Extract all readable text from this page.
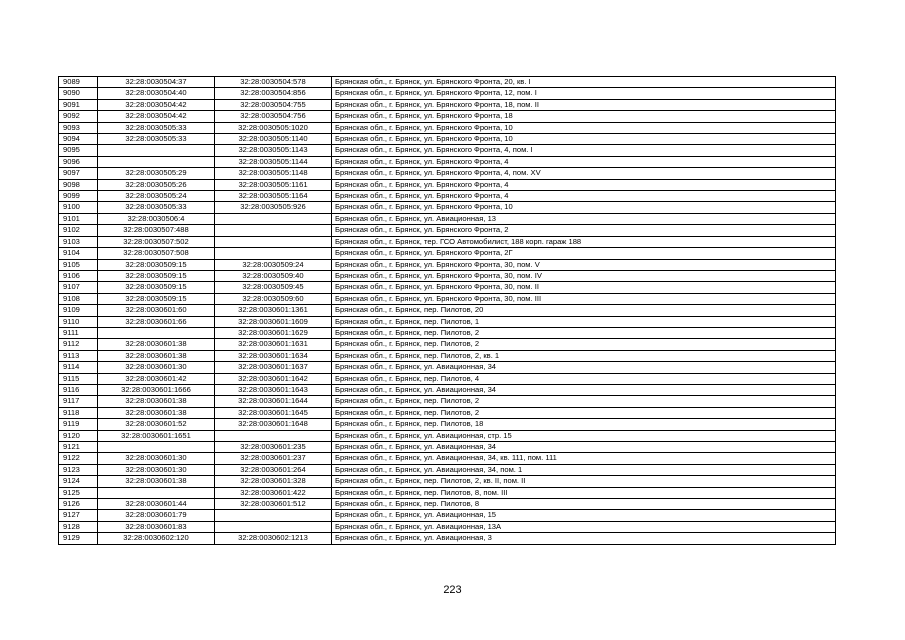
9089	32:28:0030504:37	32:28:0030504:578	Брянская обл., г. Брянск, ул. Брянского Фронта, 20, кв. I
9090	32:28:0030504:40	32:28:0030504:856	Брянская обл., г. Брянск, ул. Брянского Фронта, 12, пом. I
9091	32:28:0030504:42	32:28:0030504:755	Брянская обл., г. Брянск, ул. Брянского Фронта, 18, пом. II
9092	32:28:0030504:42	32:28:0030504:756	Брянская обл., г. Брянск, ул. Брянского Фронта, 18
9093	32:28:0030505:33	32:28:0030505:1020	Брянская обл., г. Брянск, ул. Брянского Фронта, 10
9094	32:28:0030505:33	32:28:0030505:1140	Брянская обл., г. Брянск, ул. Брянского Фронта, 10
9095		32:28:0030505:1143	Брянская обл., г. Брянск, ул. Брянского Фронта, 4, пом. I
9096		32:28:0030505:1144	Брянская обл., г. Брянск, ул. Брянского Фронта, 4
9097	32:28:0030505:29	32:28:0030505:1148	Брянская обл., г. Брянск, ул. Брянского Фронта, 4, пом. XV
9098	32:28:0030505:26	32:28:0030505:1161	Брянская обл., г. Брянск, ул. Брянского Фронта, 4
9099	32:28:0030505:24	32:28:0030505:1164	Брянская обл., г. Брянск, ул. Брянского Фронта, 4
9100	32:28:0030505:33	32:28:0030505:926	Брянская обл., г. Брянск, ул. Брянского Фронта, 10
9101	32:28:0030506:4		Брянская обл., г. Брянск, ул. Авиационная, 13
9102	32:28:0030507:488		Брянская обл., г. Брянск, ул. Брянского Фронта, 2
9103	32:28:0030507:502		Брянская обл., г. Брянск, тер. ГСО Автомобилист, 188 корп. гараж 188
9104	32:28:0030507:508		Брянская обл., г. Брянск, ул. Брянского Фронта, 2Г
9105	32:28:0030509:15	32:28:0030509:24	Брянская обл., г. Брянск, ул. Брянского Фронта, 30, пом. V
9106	32:28:0030509:15	32:28:0030509:40	Брянская обл., г. Брянск, ул. Брянского Фронта, 30, пом. IV
9107	32:28:0030509:15	32:28:0030509:45	Брянская обл., г. Брянск, ул. Брянского Фронта, 30, пом. II
9108	32:28:0030509:15	32:28:0030509:60	Брянская обл., г. Брянск, ул. Брянского Фронта, 30, пом. III
9109	32:28:0030601:60	32:28:0030601:1361	Брянская обл., г. Брянск, пер. Пилотов, 20
9110	32:28:0030601:66	32:28:0030601:1609	Брянская обл., г. Брянск, пер. Пилотов, 1
9111		32:28:0030601:1629	Брянская обл., г. Брянск, пер. Пилотов, 2
9112	32:28:0030601:38	32:28:0030601:1631	Брянская обл., г. Брянск, пер. Пилотов, 2
9113	32:28:0030601:38	32:28:0030601:1634	Брянская обл., г. Брянск, пер. Пилотов, 2, кв. 1
9114	32:28:0030601:30	32:28:0030601:1637	Брянская обл., г. Брянск, ул. Авиационная, 34
9115	32:28:0030601:42	32:28:0030601:1642	Брянская обл., г. Брянск, пер. Пилотов, 4
9116	32:28:0030601:1666	32:28:0030601:1643	Брянская обл., г. Брянск, ул. Авиационная, 34
9117	32:28:0030601:38	32:28:0030601:1644	Брянская обл., г. Брянск, пер. Пилотов, 2
9118	32:28:0030601:38	32:28:0030601:1645	Брянская обл., г. Брянск, пер. Пилотов, 2
9119	32:28:0030601:52	32:28:0030601:1648	Брянская обл., г. Брянск, пер. Пилотов, 18
9120	32:28:0030601:1651		Брянская обл., г. Брянск, ул. Авиационная, стр. 15
9121		32:28:0030601:235	Брянская обл., г. Брянск, ул. Авиационная, 34
9122	32:28:0030601:30	32:28:0030601:237	Брянская обл., г. Брянск, ул. Авиационная, 34, кв. 111, пом. 111
9123	32:28:0030601:30	32:28:0030601:264	Брянская обл., г. Брянск, ул. Авиационная, 34, пом. 1
9124	32:28:0030601:38	32:28:0030601:328	Брянская обл., г. Брянск, пер. Пилотов, 2, кв. II, пом. II
9125		32:28:0030601:422	Брянская обл., г. Брянск, пер. Пилотов, 8, пом. III
9126	32:28:0030601:44	32:28:0030601:512	Брянская обл., г. Брянск, пер. Пилотов, 8
9127	32:28:0030601:79		Брянская обл., г. Брянск, ул. Авиационная, 15
9128	32:28:0030601:83		Брянская обл., г. Брянск, ул. Авиационная, 13А
9129	32:28:0030602:120	32:28:0030602:1213	Брянская обл., г. Брянск, ул. Авиационная, 3
223
